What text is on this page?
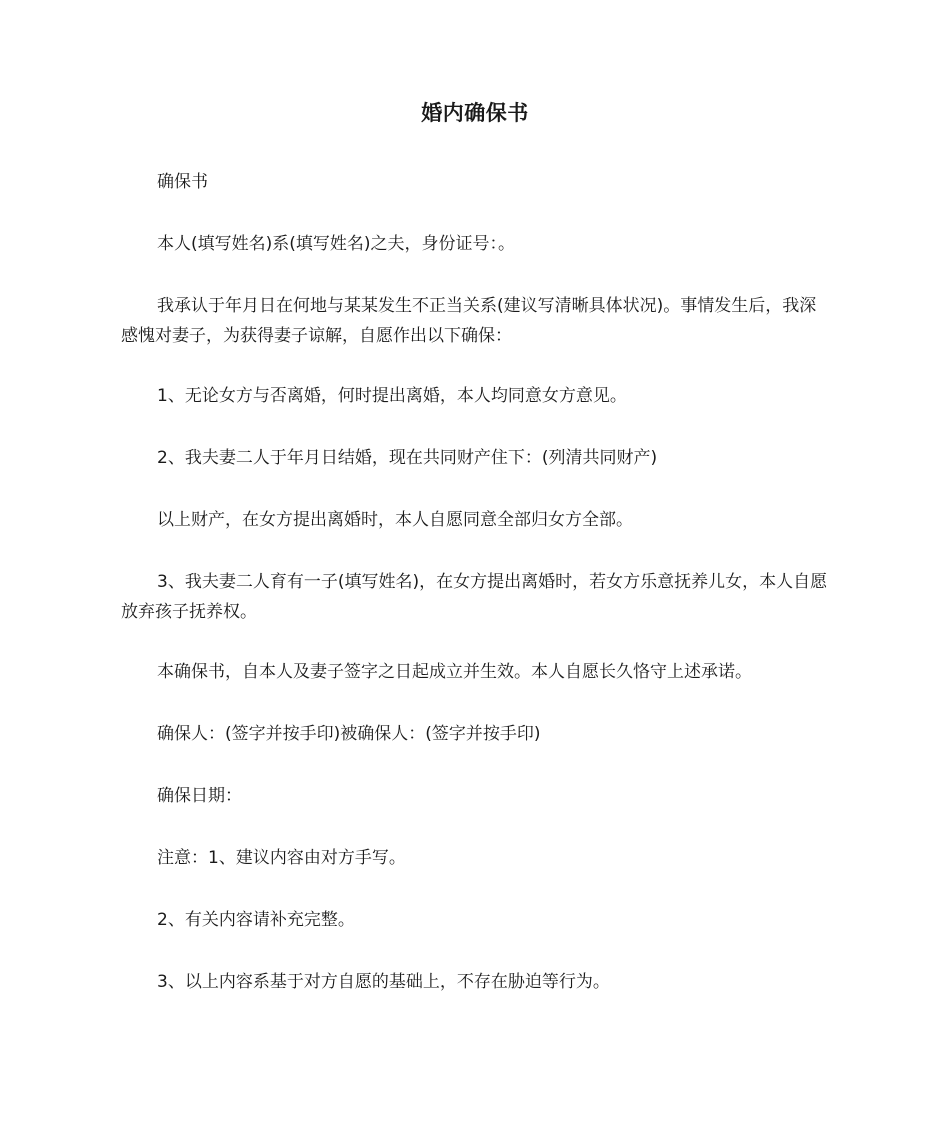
婚内确保书

确保书

本人(填写姓名)系(填写姓名)之夫，身份证号：。

我承认于年月日在何地与某某发生不正当关系(建议写清晰具体状况)。事情发生后，我深感愧对妻子，为获得妻子谅解，自愿作出以下确保：

1、无论女方与否离婚，何时提出离婚，本人均同意女方意见。

2、我夫妻二人于年月日结婚，现在共同财产住下：(列清共同财产)

以上财产，在女方提出离婚时，本人自愿同意全部归女方全部。

3、我夫妻二人育有一子(填写姓名)，在女方提出离婚时，若女方乐意抚养儿女，本人自愿放弃孩子抚养权。

本确保书，自本人及妻子签字之日起成立并生效。本人自愿长久恪守上述承诺。

确保人：(签字并按手印)被确保人：(签字并按手印)

确保日期：

注意：1、建议内容由对方手写。

2、有关内容请补充完整。

3、以上内容系基于对方自愿的基础上，不存在胁迫等行为。
